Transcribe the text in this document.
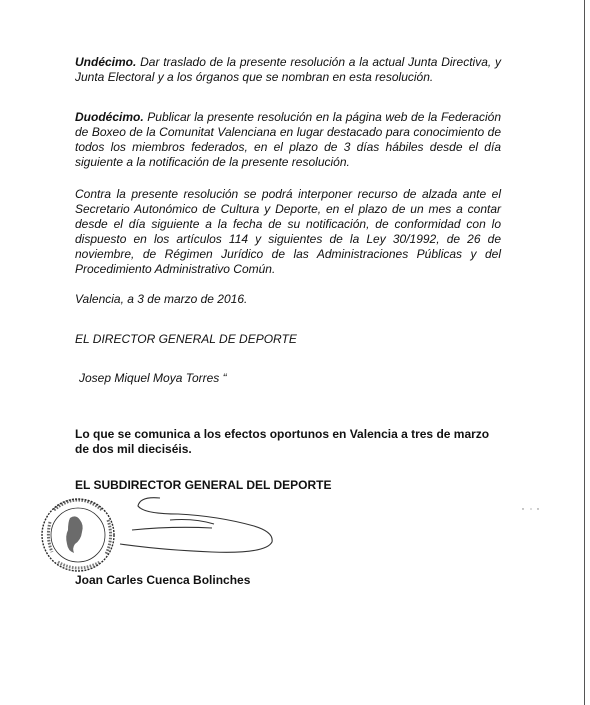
Undécimo. Dar traslado de la presente resolución a la actual Junta Directiva, y Junta Electoral y a los órganos que se nombran en esta resolución.

Duodécimo. Publicar la presente resolución en la página web de la Federación de Boxeo de la Comunitat Valenciana en lugar destacado para conocimiento de todos los miembros federados, en el plazo de 3 días hábiles desde el día siguiente a la notificación de la presente resolución.

Contra la presente resolución se podrá interponer recurso de alzada ante el Secretario Autonómico de Cultura y Deporte, en el plazo de un mes a contar desde el día siguiente a la fecha de su notificación, de conformidad con lo dispuesto en los artículos 114 y siguientes de la Ley 30/1992, de 26 de noviembre, de Régimen Jurídico de las Administraciones Públicas y del Procedimiento Administrativo Común.

Valencia, a 3 de marzo de 2016.

EL DIRECTOR GENERAL DE DEPORTE

Josep Miquel Moya Torres “

Lo que se comunica a los efectos oportunos en Valencia a tres de marzo de dos mil dieciséis.

EL SUBDIRECTOR GENERAL DEL DEPORTE

Joan Carles Cuenca Bolinches
